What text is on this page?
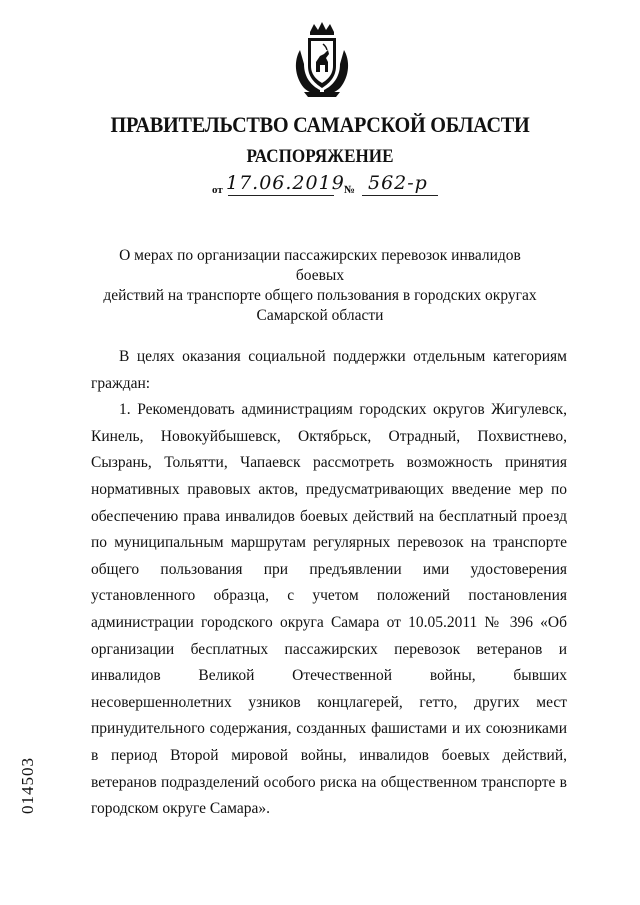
ПРАВИТЕЛЬСТВО САМАРСКОЙ ОБЛАСТИ
РАСПОРЯЖЕНИЕ
от 17.06.2019 № 562-р
О мерах по организации пассажирских перевозок инвалидов боевых
действий на транспорте общего пользования в городских округах
Самарской области

В целях оказания социальной поддержки отдельным категориям граждан:

1. Рекомендовать администрациям городских округов Жигулевск, Кинель, Новокуйбышевск, Октябрьск, Отрадный, Похвистнево, Сызрань, Тольятти, Чапаевск рассмотреть возможность принятия нормативных правовых актов, предусматривающих введение мер по обеспечению права инвалидов боевых действий на бесплатный проезд по муниципальным маршрутам регулярных перевозок на транспорте общего пользования при предъявлении ими удостоверения установленного образца, с учетом положений постановления администрации городского округа Самара от 10.05.2011 № 396 «Об организации бесплатных пассажирских перевозок ветеранов и инвалидов Великой Отечественной войны, бывших несовершеннолетних узников концлагерей, гетто, других мест принудительного содержания, созданных фашистами и их союзниками в период Второй мировой войны, инвалидов боевых действий, ветеранов подразделений особого риска на общественном транспорте в городском округе Самара».

014503
